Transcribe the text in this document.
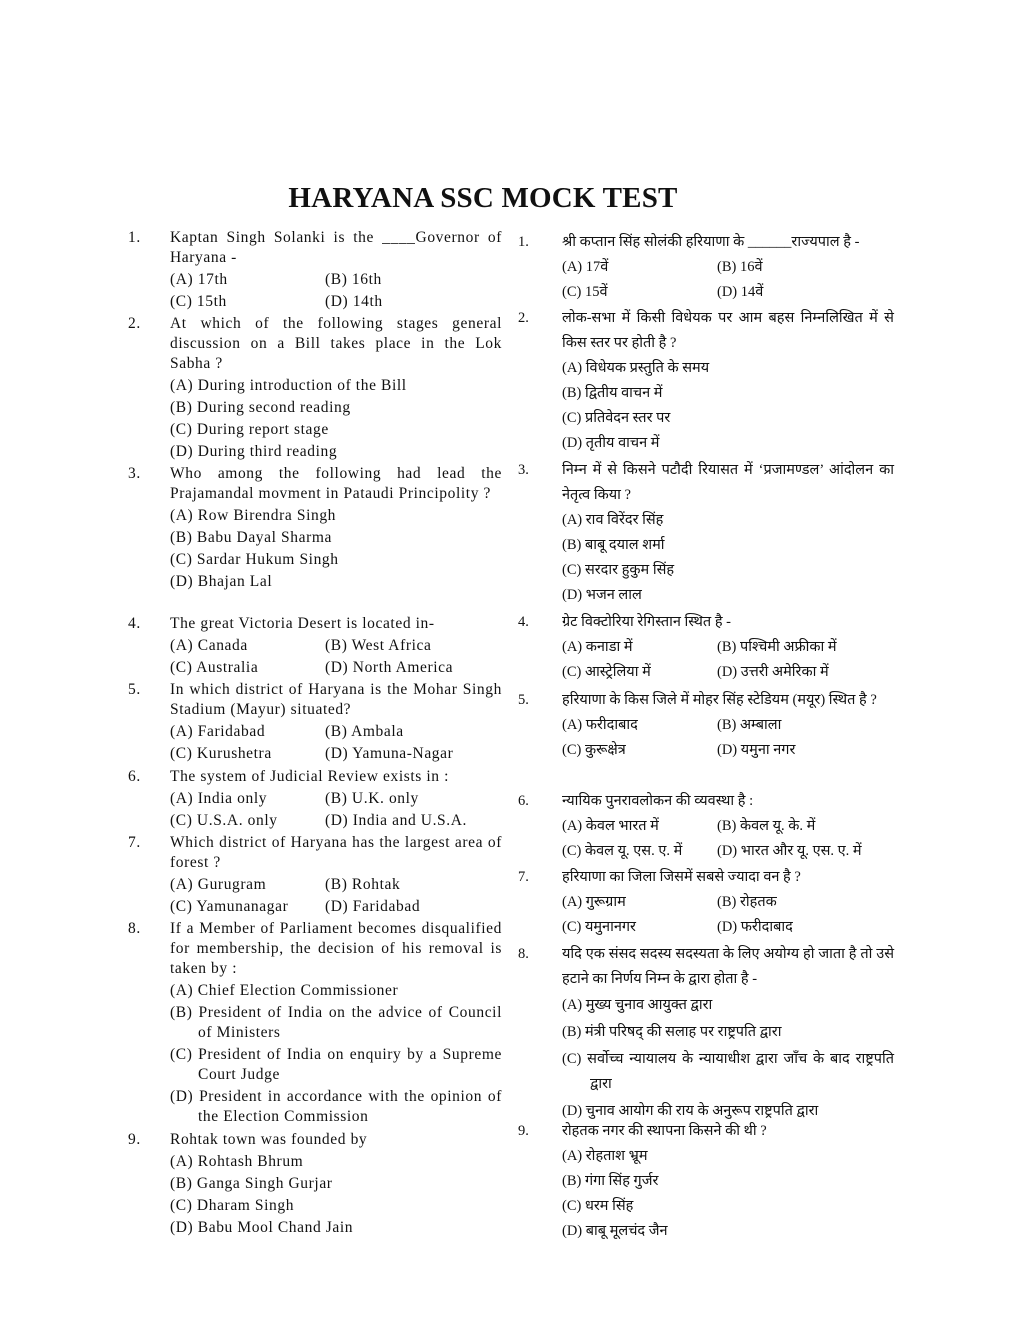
HARYANA SSC MOCK TEST
1. Kaptan Singh Solanki is the ____Governor of Haryana -
(A) 17th	(B) 16th
(C) 15th	(D) 14th
2. At which of the following stages general discussion on a Bill takes place in the Lok Sabha ?
(A) During introduction of the Bill
(B) During second reading
(C) During report stage
(D) During third reading
3. Who among the following had lead the Prajamandal movment in Pataudi Principolity ?
(A) Row Birendra Singh
(B) Babu Dayal Sharma
(C) Sardar Hukum Singh
(D) Bhajan Lal
4. The great Victoria Desert is located in-
(A) Canada	(B) West Africa
(C) Australia	(D) North America
5. In which district of Haryana is the Mohar Singh Stadium (Mayur) situated?
(A) Faridabad	(B) Ambala
(C) Kurushetra	(D) Yamuna-Nagar
6. The system of Judicial Review exists in :
(A) India only	(B) U.K. only
(C) U.S.A. only	(D) India and U.S.A.
7. Which district of Haryana has the largest area of forest ?
(A) Gurugram	(B) Rohtak
(C) Yamunanagar	(D) Faridabad
8. If a Member of Parliament becomes disqualified for membership, the decision of his removal is taken by :
(A) Chief Election Commissioner
(B) President of India on the advice of Council of Ministers
(C) President of India on enquiry by a Supreme Court Judge
(D) President in accordance with the opinion of the Election Commission
9. Rohtak town was founded by
(A) Rohtash Bhrum
(B) Ganga Singh Gurjar
(C) Dharam Singh
(D) Babu Mool Chand Jain
1. श्री कप्तान सिंह सोलंकी हरियाणा के ______राज्यपाल है -
(A) 17वें	(B) 16वें
(C) 15वें	(D) 14वें
2. लोक-सभा में किसी विधेयक पर आम बहस निम्नलिखित में से किस स्तर पर होती है ?
(A) विधेयक प्रस्तुति के समय
(B) द्वितीय वाचन में
(C) प्रतिवेदन स्तर पर
(D) तृतीय वाचन में
3. निम्न में से किसने पटौदी रियासत में ‘प्रजामण्डल’ आंदोलन का नेतृत्व किया ?
(A) राव विरेंदर सिंह
(B) बाबू दयाल शर्मा
(C) सरदार हुकुम सिंह
(D) भजन लाल
4. ग्रेट विक्टोरिया रेगिस्तान स्थित है -
(A) कनाडा में	(B) पश्चिमी अफ्रीका में
(C) आस्ट्रेलिया में	(D) उत्तरी अमेरिका में
5. हरियाणा के किस जिले में मोहर सिंह स्टेडियम (मयूर) स्थित है ?
(A) फरीदाबाद	(B) अम्बाला
(C) कुरूक्षेत्र	(D) यमुना नगर
6. न्यायिक पुनरावलोकन की व्यवस्था है :
(A) केवल भारत में	(B) केवल यू. के. में
(C) केवल यू. एस. ए. में	(D) भारत और यू. एस. ए. में
7. हरियाणा का जिला जिसमें सबसे ज्यादा वन है ?
(A) गुरूग्राम	(B) रोहतक
(C) यमुनानगर	(D) फरीदाबाद
8. यदि एक संसद सदस्य सदस्यता के लिए अयोग्य हो जाता है तो उसे हटाने का निर्णय निम्न के द्वारा होता है -
(A) मुख्य चुनाव आयुक्त द्वारा
(B) मंत्री परिषद् की सलाह पर राष्ट्रपति द्वारा
(C) सर्वोच्च न्यायालय के न्यायाधीश द्वारा जाँच के बाद राष्ट्रपति द्वारा
(D) चुनाव आयोग की राय के अनुरूप राष्ट्रपति द्वारा
9. रोहतक नगर की स्थापना किसने की थी ?
(A) रोहताश भ्रूम
(B) गंगा सिंह गुर्जर
(C) धरम सिंह
(D) बाबू मूलचंद जैन
